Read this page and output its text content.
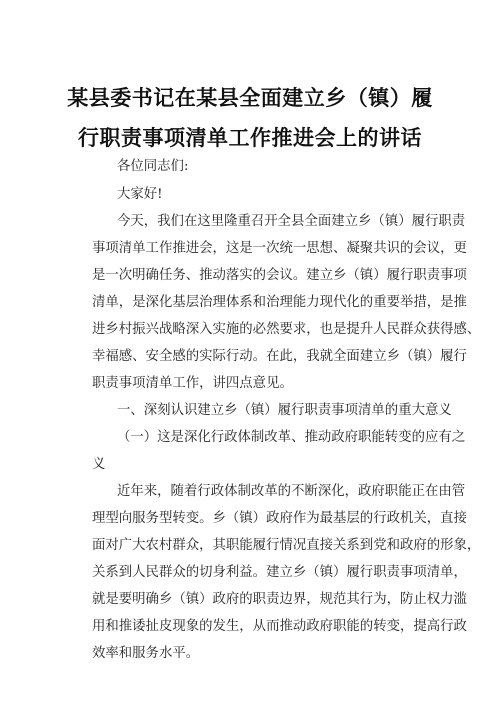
某县委书记在某县全面建立乡（镇）履
行职责事项清单工作推进会上的讲话
各位同志们:
大家好!
今天，我们在这里隆重召开全县全面建立乡（镇）履行职责
事项清单工作推进会，这是一次统一思想、凝聚共识的会议，更
是一次明确任务、推动落实的会议。建立乡（镇）履行职责事项
清单，是深化基层治理体系和治理能力现代化的重要举措，是推
进乡村振兴战略深入实施的必然要求，也是提升人民群众获得感、
幸福感、安全感的实际行动。在此，我就全面建立乡（镇）履行
职责事项清单工作，讲四点意见。
一、深刻认识建立乡（镇）履行职责事项清单的重大意义
（一）这是深化行政体制改革、推动政府职能转变的应有之
义
近年来，随着行政体制改革的不断深化，政府职能正在由管
理型向服务型转变。乡（镇）政府作为最基层的行政机关，直接
面对广大农村群众，其职能履行情况直接关系到党和政府的形象，
关系到人民群众的切身利益。建立乡（镇）履行职责事项清单，
就是要明确乡（镇）政府的职责边界，规范其行为，防止权力滥
用和推诿扯皮现象的发生，从而推动政府职能的转变，提高行政
效率和服务水平。
